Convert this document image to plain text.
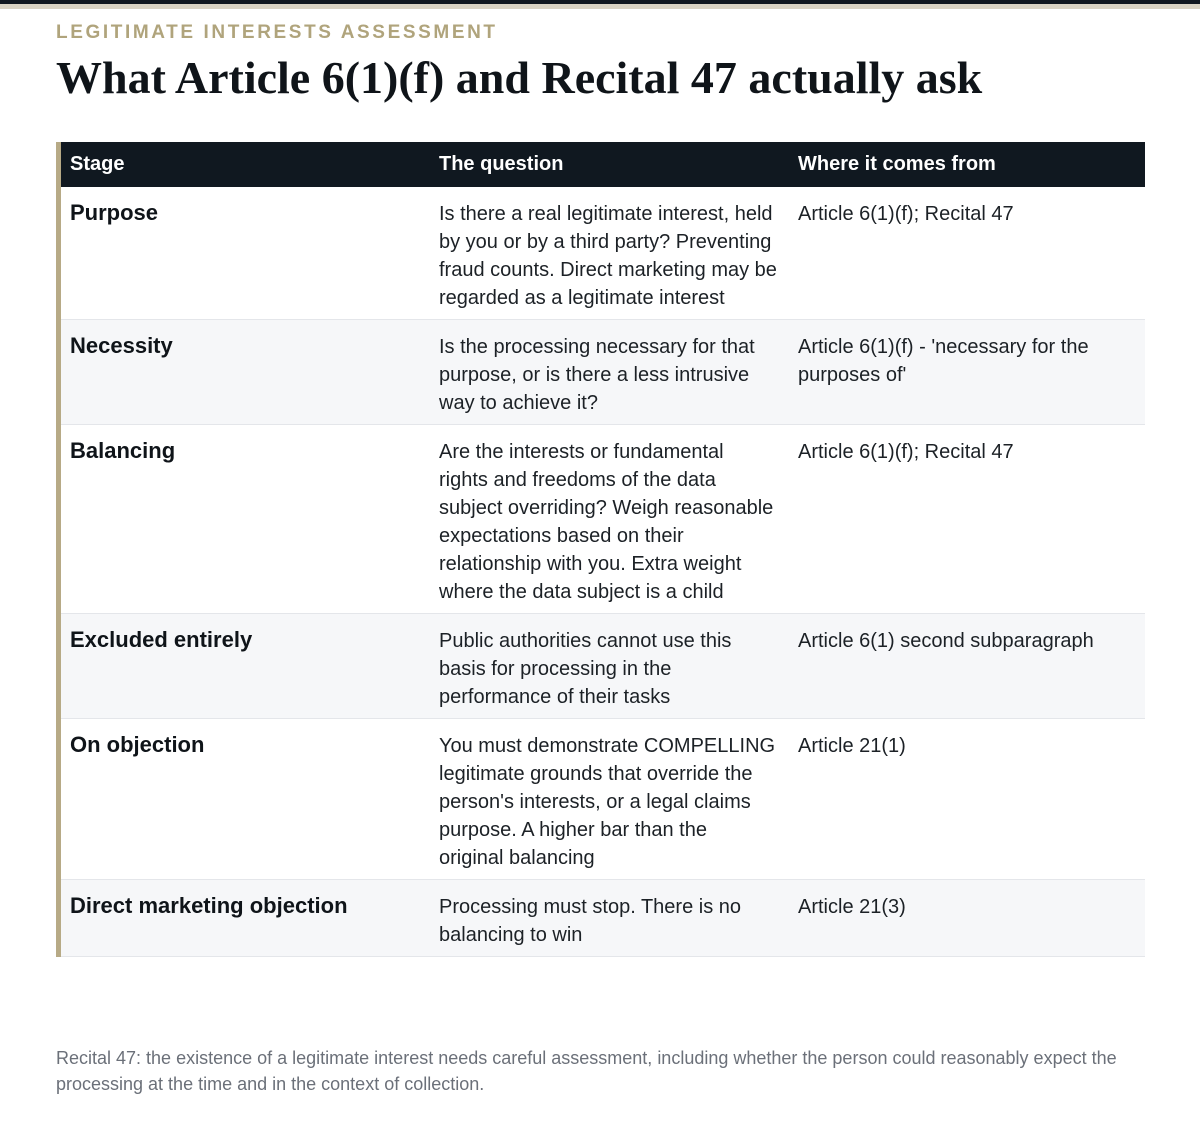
LEGITIMATE INTERESTS ASSESSMENT
What Article 6(1)(f) and Recital 47 actually ask
Stage	The question	Where it comes from
Purpose	Is there a real legitimate interest, held by you or by a third party? Preventing fraud counts. Direct marketing may be regarded as a legitimate interest	Article 6(1)(f); Recital 47
Necessity	Is the processing necessary for that purpose, or is there a less intrusive way to achieve it?	Article 6(1)(f) - 'necessary for the purposes of'
Balancing	Are the interests or fundamental rights and freedoms of the data subject overriding? Weigh reasonable expectations based on their relationship with you. Extra weight where the data subject is a child	Article 6(1)(f); Recital 47
Excluded entirely	Public authorities cannot use this basis for processing in the performance of their tasks	Article 6(1) second subparagraph
On objection	You must demonstrate COMPELLING legitimate grounds that override the person's interests, or a legal claims purpose. A higher bar than the original balancing	Article 21(1)
Direct marketing objection	Processing must stop. There is no balancing to win	Article 21(3)

Recital 47: the existence of a legitimate interest needs careful assessment, including whether the person could reasonably expect the processing at the time and in the context of collection.
